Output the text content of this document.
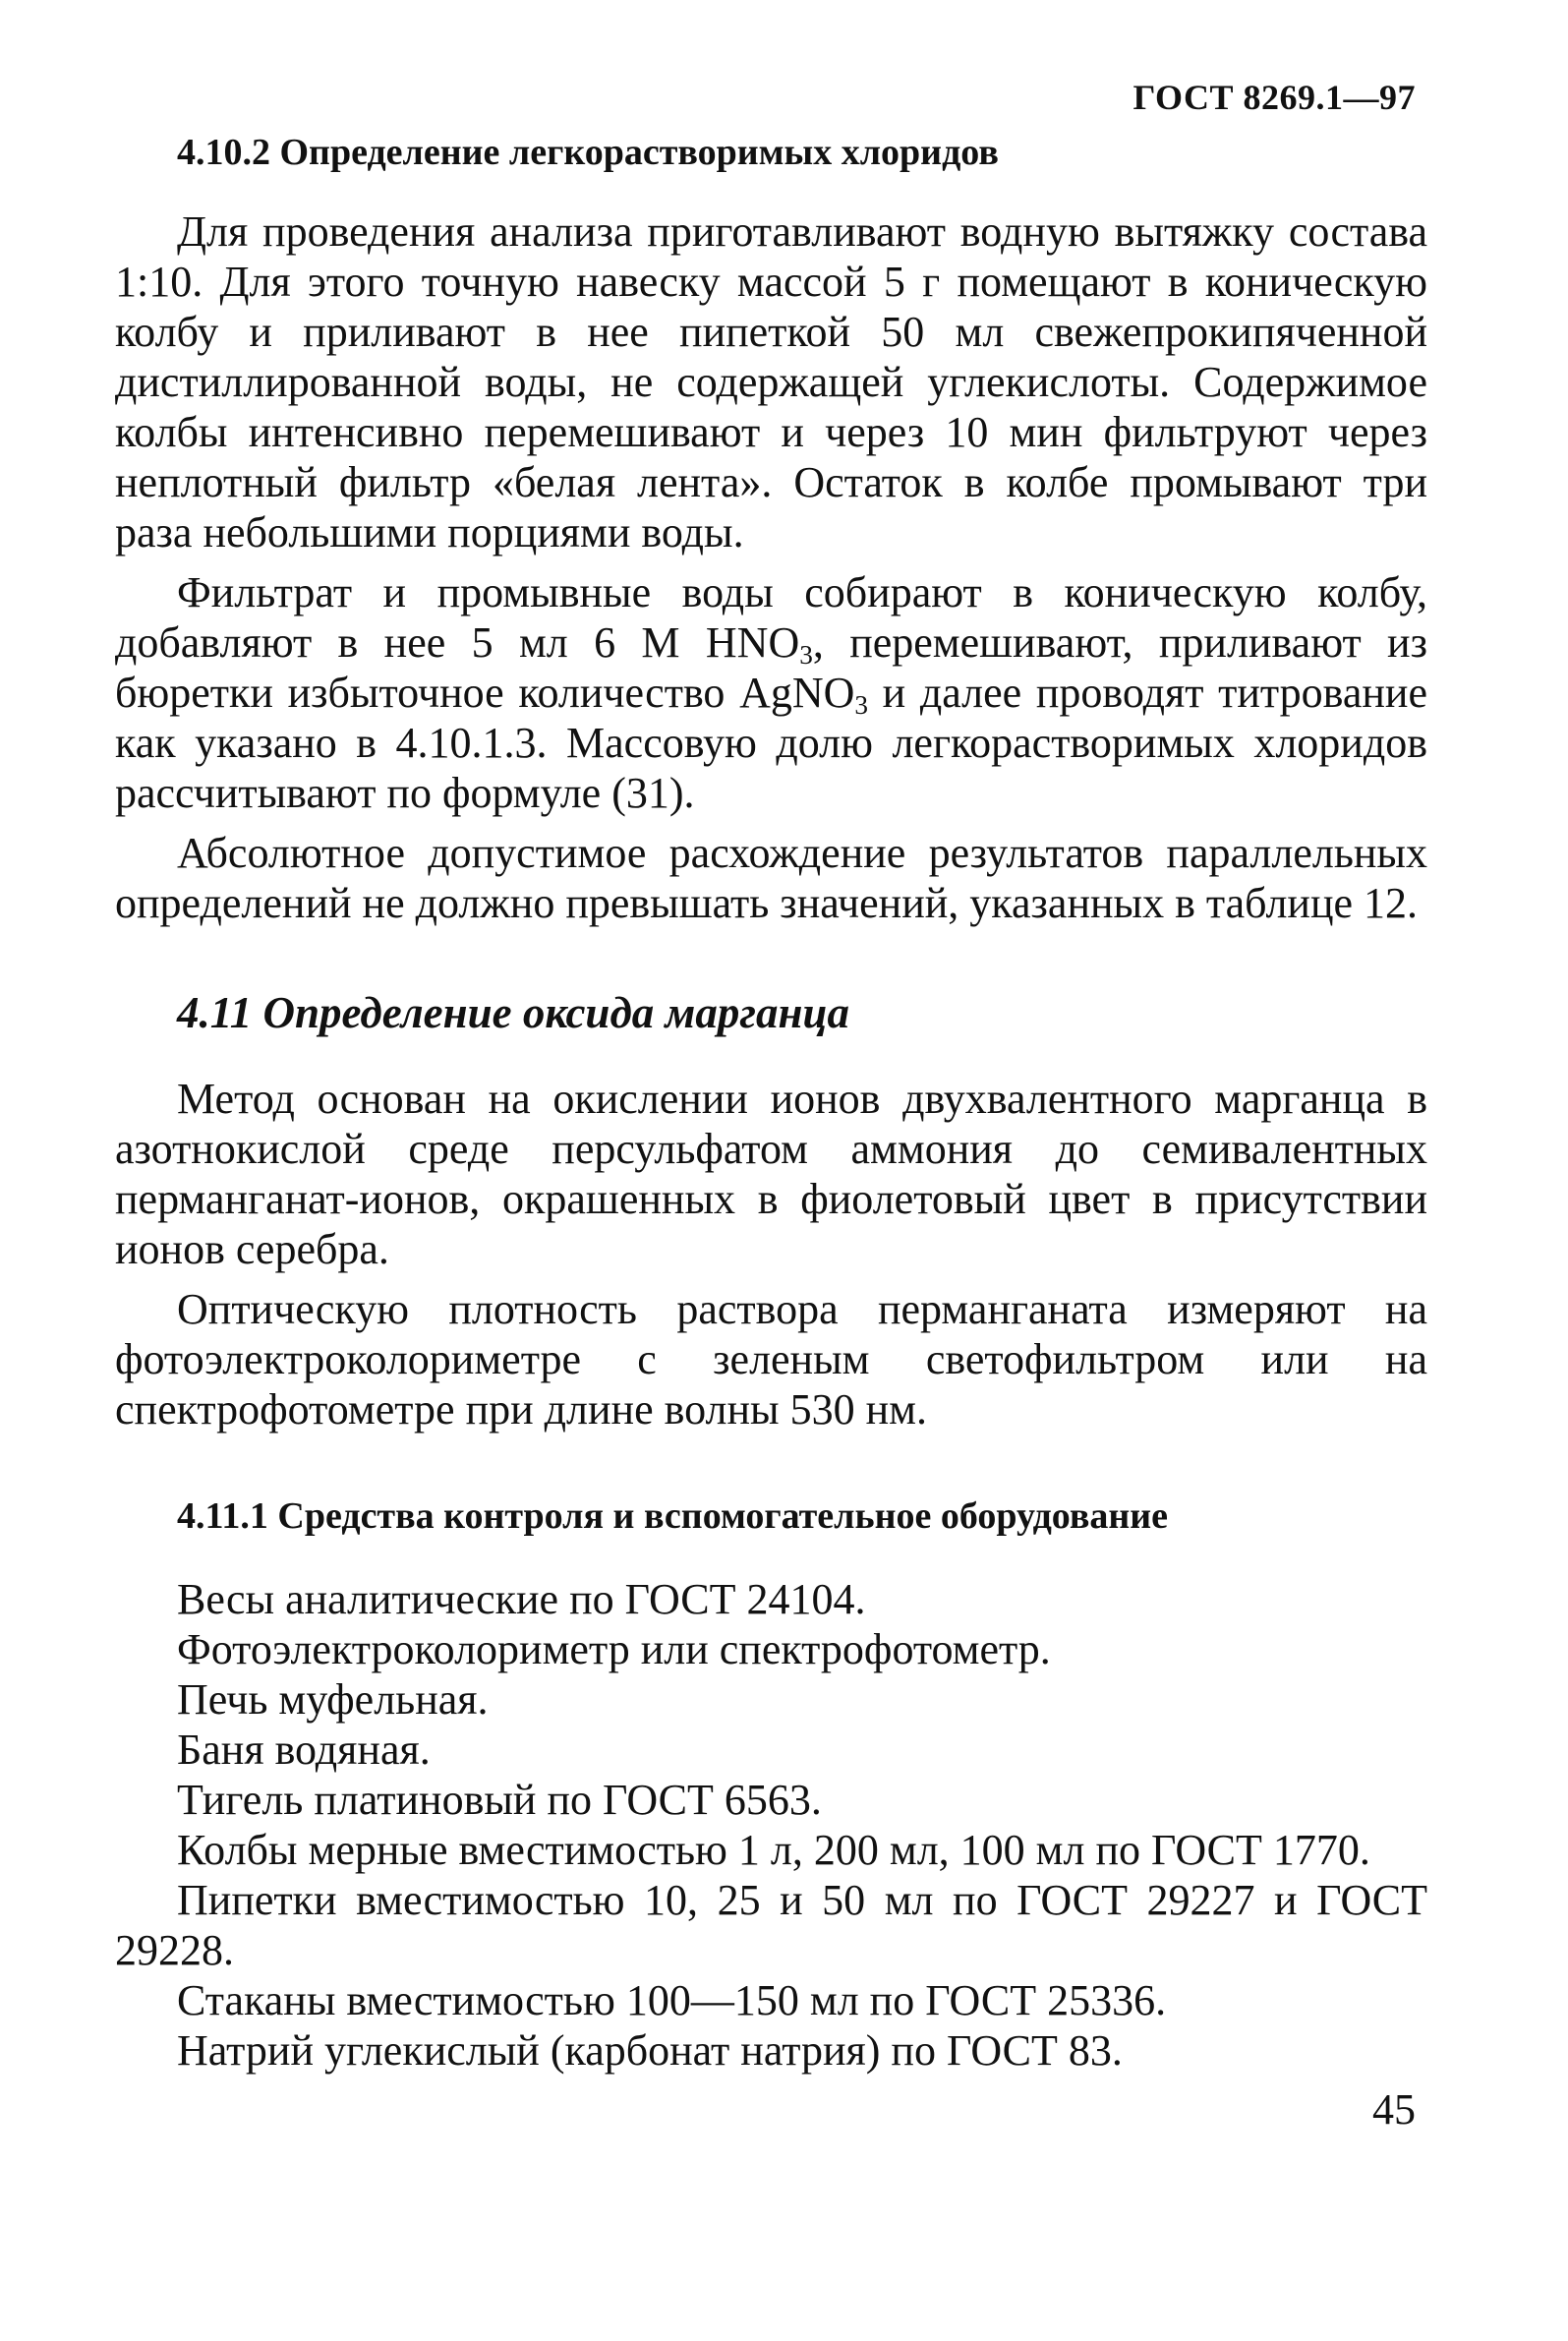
ГОСТ 8269.1—97
4.10.2 Определение легкорастворимых хлоридов

Для проведения анализа приготавливают водную вытяжку состава 1:10. Для этого точную навеску массой 5 г помещают в коническую колбу и приливают в нее пипеткой 50 мл свежепрокипяченной дистиллированной воды, не содержащей углекислоты. Содержимое колбы интенсивно перемешивают и через 10 мин фильтруют через неплотный фильтр «белая лента». Остаток в колбе промывают три раза небольшими порциями воды.

Фильтрат и промывные воды собирают в коническую колбу, добавляют в нее 5 мл 6 М $HNO_3$, перемешивают, приливают из бюретки избыточное количество AgNO$_3$ и далее проводят титрование как указано в 4.10.1.3. Массовую долю легкорастворимых хлоридов рассчитывают по формуле (31).

Абсолютное допустимое расхождение результатов параллельных определений не должно превышать значений, указанных в таблице 12.

4.11 Определение оксида марганца

Метод основан на окислении ионов двухвалентного марганца в азотнокислой среде персульфатом аммония до семивалентных перманганат-ионов, окрашенных в фиолетовый цвет в присутствии ионов серебра.

Оптическую плотность раствора перманганата измеряют на фотоэлектроколориметре с зеленым светофильтром или на спектрофотометре при длине волны 530 нм.

4.11.1 Средства контроля и вспомогательное оборудование

Весы аналитические по ГОСТ 24104.

Фотоэлектроколориметр или спектрофотометр.

Печь муфельная.

Баня водяная.

Тигель платиновый по ГОСТ 6563.

Колбы мерные вместимостью 1 л, 200 мл, 100 мл по ГОСТ 1770.

Пипетки вместимостью 10, 25 и 50 мл по ГОСТ 29227 и ГОСТ 29228.

Стаканы вместимостью 100—150 мл по ГОСТ 25336.

Натрий углекислый (карбонат натрия) по ГОСТ 83.

45
